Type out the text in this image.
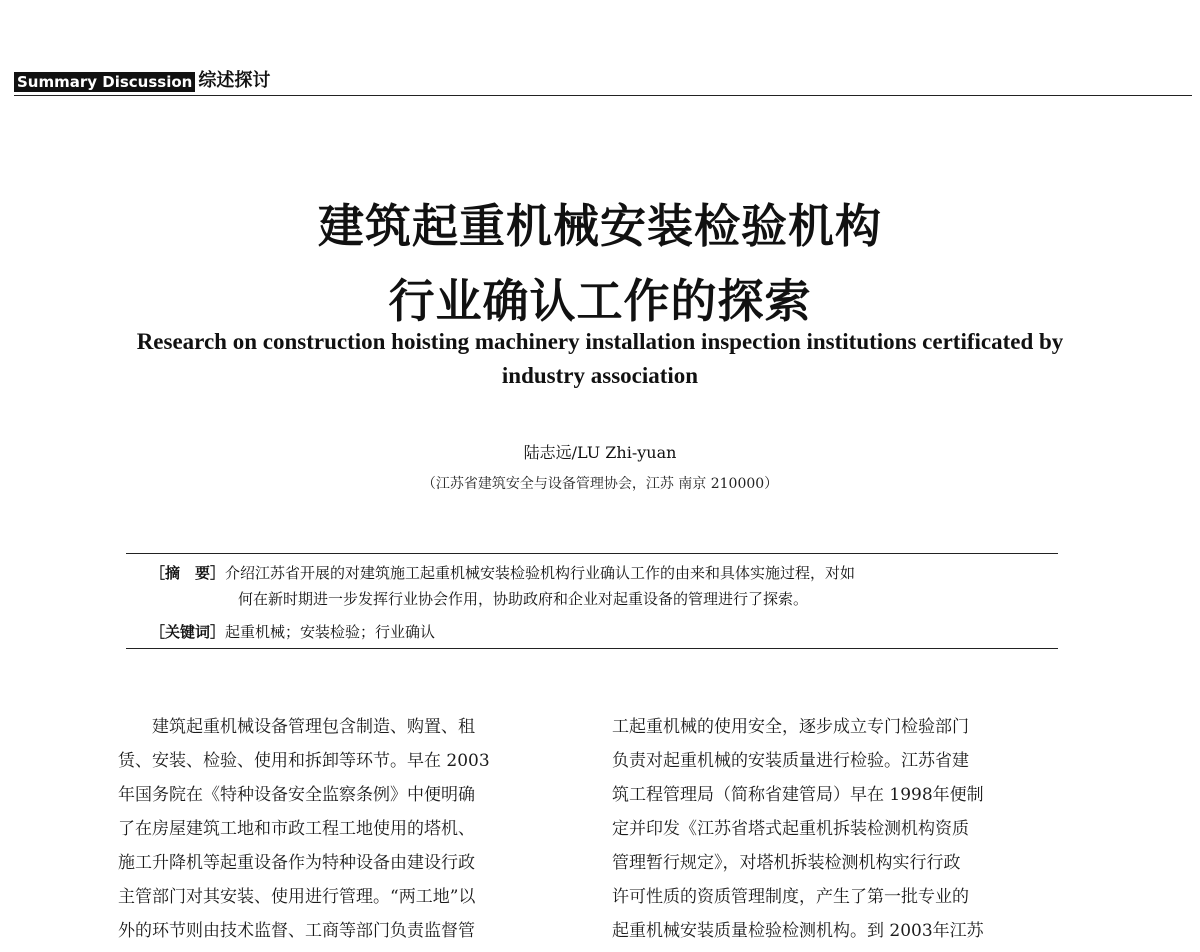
Summary Discussion 综述探讨
建筑起重机械安装检验机构
行业确认工作的探索
Research on construction hoisting machinery installation inspection institutions certificated by industry association
陆志远/LU Zhi-yuan
（江苏省建筑安全与设备管理协会，江苏 南京 210000）
［摘　要］介绍江苏省开展的对建筑施工起重机械安装检验机构行业确认工作的由来和具体实施过程，对如
何在新时期进一步发挥行业协会作用，协助政府和企业对起重设备的管理进行了探索。
［关键词］起重机械；安装检验；行业确认

　　建筑起重机械设备管理包含制造、购置、租

赁、安装、检验、使用和拆卸等环节。早在 2003

年国务院在《特种设备安全监察条例》中便明确

了在房屋建筑工地和市政工程工地使用的塔机、

施工升降机等起重设备作为特种设备由建设行政

主管部门对其安装、使用进行管理。“两工地”以

外的环节则由技术监督、工商等部门负责监督管

工起重机械的使用安全，逐步成立专门检验部门

负责对起重机械的安装质量进行检验。江苏省建

筑工程管理局（简称省建管局）早在 1998年便制

定并印发《江苏省塔式起重机拆装检测机构资质

管理暂行规定》，对塔机拆装检测机构实行行政

许可性质的资质管理制度，产生了第一批专业的

起重机械安装质量检验检测机构。到 2003年江苏
